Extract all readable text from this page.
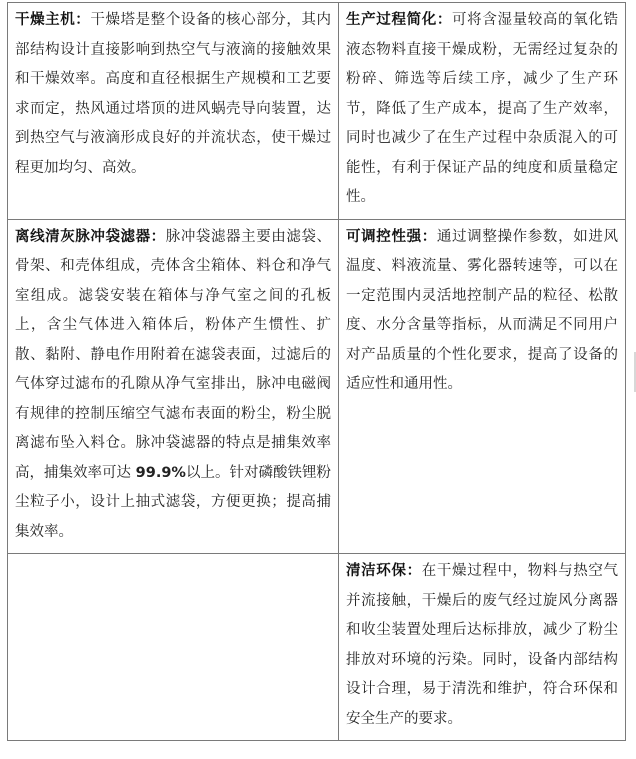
干燥主机：干燥塔是整个设备的核心部分，其内部结构设计直接影响到热空气与液滴的接触效果和干燥效率。高度和直径根据生产规模和工艺要求而定，热风通过塔顶的进风蜗壳导向装置，达到热空气与液滴形成良好的并流状态，使干燥过程更加均匀、高效。	生产过程简化：可将含湿量较高的氧化锆液态物料直接干燥成粉，无需经过复杂的粉碎、筛选等后续工序，减少了生产环节，降低了生产成本，提高了生产效率，同时也减少了在生产过程中杂质混入的可能性，有利于保证产品的纯度和质量稳定性。
离线清灰脉冲袋滤器：脉冲袋滤器主要由滤袋、骨架、和壳体组成，壳体含尘箱体、料仓和净气室组成。滤袋安装在箱体与净气室之间的孔板上，含尘气体进入箱体后，粉体产生惯性、扩散、黏附、静电作用附着在滤袋表面，过滤后的气体穿过滤布的孔隙从净气室排出，脉冲电磁阀有规律的控制压缩空气滤布表面的粉尘，粉尘脱离滤布坠入料仓。脉冲袋滤器的特点是捕集效率高，捕集效率可达 99.9%以上。针对磷酸铁锂粉尘粒子小，设计上抽式滤袋，方便更换；提高捕集效率。	可调控性强：通过调整操作参数，如进风温度、料液流量、雾化器转速等，可以在一定范围内灵活地控制产品的粒径、松散度、水分含量等指标，从而满足不同用户对产品质量的个性化要求，提高了设备的适应性和通用性。
	清洁环保：在干燥过程中，物料与热空气并流接触，干燥后的废气经过旋风分离器和收尘装置处理后达标排放，减少了粉尘排放对环境的污染。同时，设备内部结构设计合理，易于清洗和维护，符合环保和安全生产的要求。
